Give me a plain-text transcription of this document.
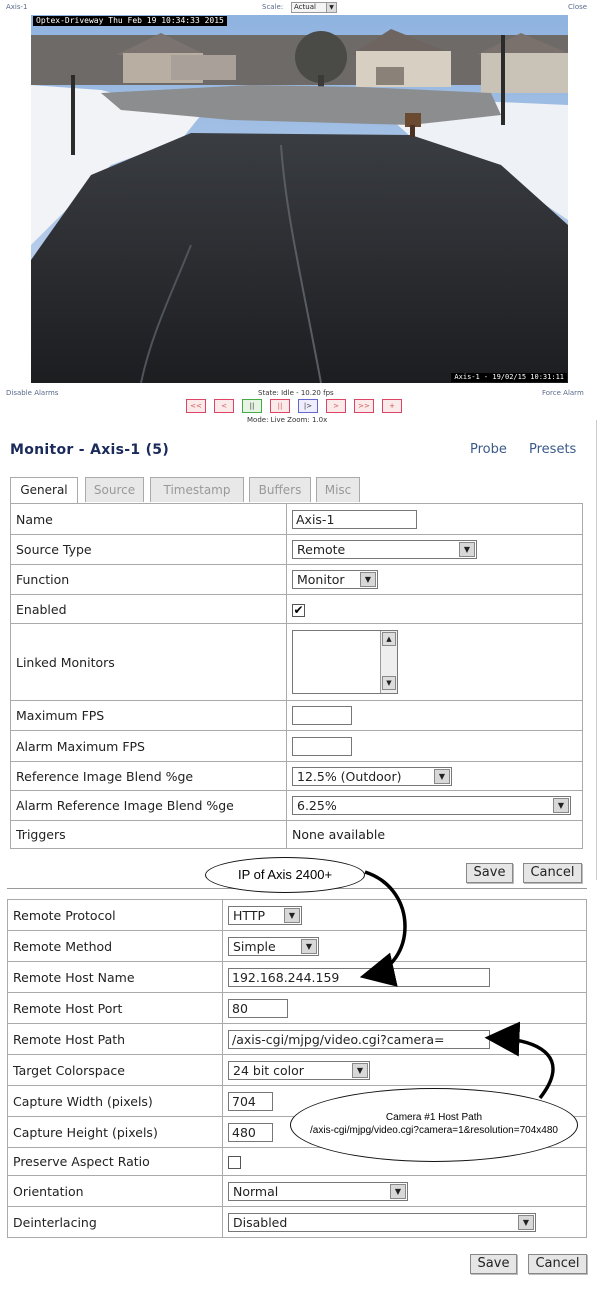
Axis-1	Scale:	Actual	▼	Close
Optex-Driveway Thu Feb 19 10:34:33 2015
Axis-1 - 19/02/15 10:31:11
Disable Alarms	State: Idle - 10.20 fps	Force Alarm
<<	<	||	||	|>	>	>>	+
Mode: Live Zoom: 1.0x
Monitor - Axis-1 (5)	Probe Presets
General	Source	Timestamp	Buffers	Misc
Name	Axis-1
Source Type	Remote ▼

Function	Monitor ▼

Enabled	✔
Linked Monitors	▲
▼

Maximum FPS	
Alarm Maximum FPS	
Reference Image Blend %ge	12.5% (Outdoor) ▼

Alarm Reference Image Blend %ge	6.25% ▼

Triggers	None available
Save	Cancel
Remote Protocol	HTTP ▼

Remote Method	Simple ▼

Remote Host Name	192.168.244.159
Remote Host Port	80
Remote Host Path	/axis-cgi/mjpg/video.cgi?camera=
Target Colorspace	24 bit color ▼

Capture Width (pixels)	704
Capture Height (pixels)	480
Preserve Aspect Ratio	
Orientation	Normal ▼

Deinterlacing	Disabled ▼
Save	Cancel
IP of Axis 2400+
Camera #1 Host Path
/axis-cgi/mjpg/video.cgi?camera=1&resolution=704x480
